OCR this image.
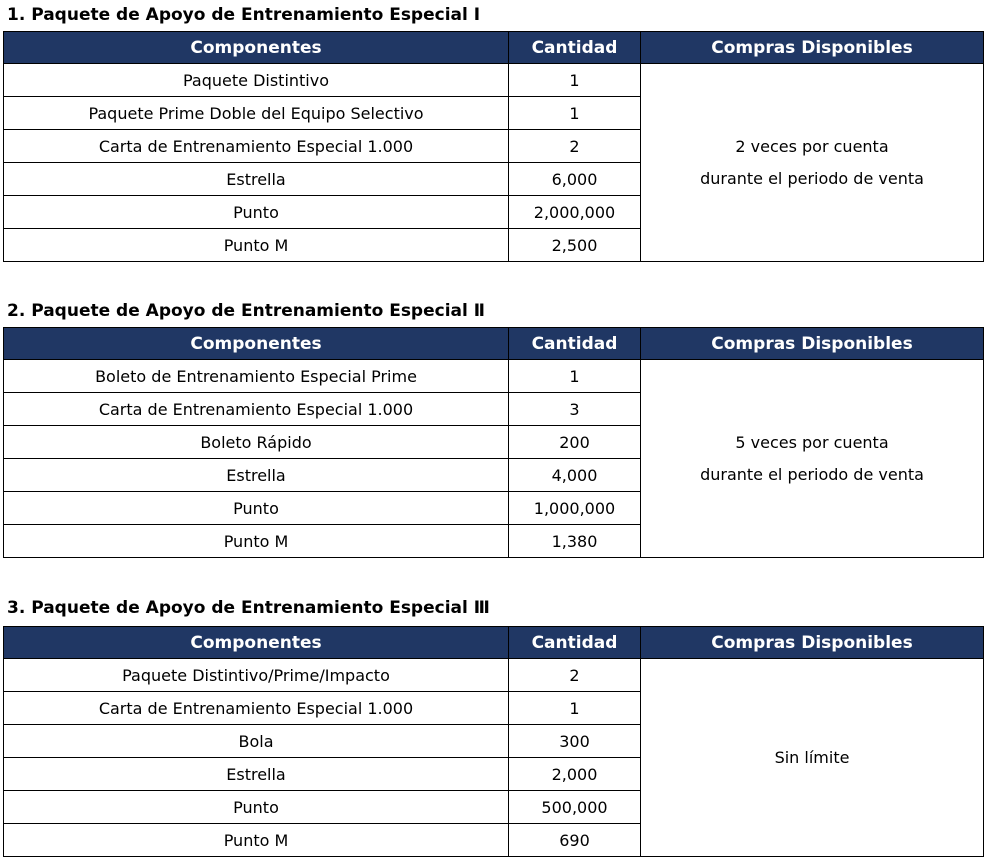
1. Paquete de Apoyo de Entrenamiento Especial Ⅰ
Componentes	Cantidad	Compras Disponibles
Paquete Distintivo	1	2 veces por cuenta
durante el periodo de venta

Paquete Prime Doble del Equipo Selectivo	1	
Carta de Entrenamiento Especial 1.000	2	
Estrella	6,000	
Punto	2,000,000	
Punto M	2,500	
2. Paquete de Apoyo de Entrenamiento Especial Ⅱ
Componentes	Cantidad	Compras Disponibles
Boleto de Entrenamiento Especial Prime	1	5 veces por cuenta
durante el periodo de venta

Carta de Entrenamiento Especial 1.000	3	
Boleto Rápido	200	
Estrella	4,000	
Punto	1,000,000	
Punto M	1,380	
3. Paquete de Apoyo de Entrenamiento Especial Ⅲ
Componentes	Cantidad	Compras Disponibles
Paquete Distintivo/Prime/Impacto	2	Sin límite

Carta de Entrenamiento Especial 1.000	1	
Bola	300	
Estrella	2,000	
Punto	500,000	
Punto M	690	
